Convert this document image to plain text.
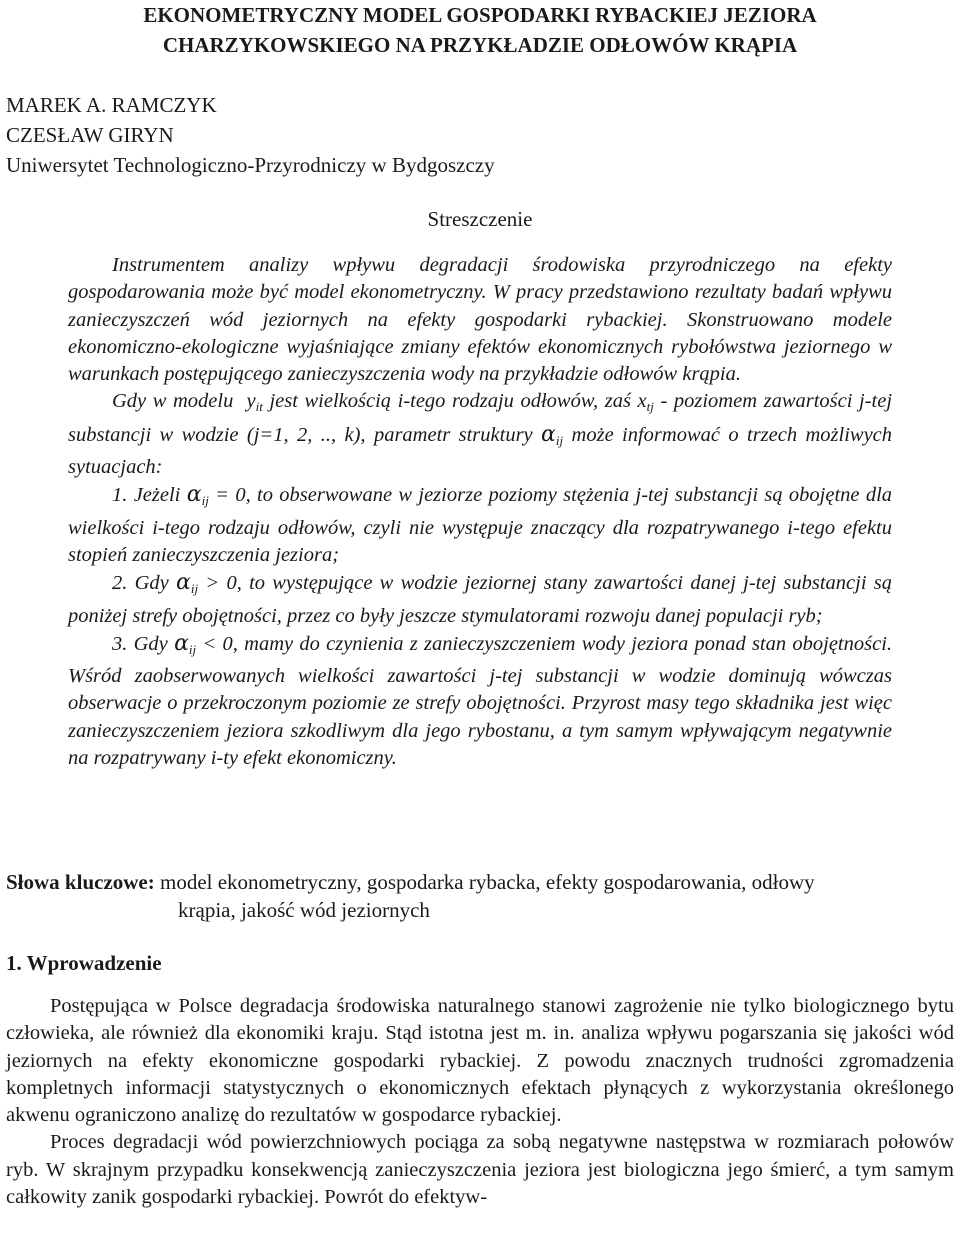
EKONOMETRYCZNY MODEL GOSPODARKI RYBACKIEJ JEZIORA
CHARZYKOWSKIEGO NA PRZYKŁADZIE ODŁOWÓW KRĄPIA
MAREK A. RAMCZYK
CZESŁAW GIRYN
Uniwersytet Technologiczno-Przyrodniczy w Bydgoszczy
Streszczenie

Instrumentem analizy wpływu degradacji środowiska przyrodniczego na efekty gospodarowania może być model ekonometryczny. W pracy przedstawiono rezultaty badań wpływu zanieczyszczeń wód jeziornych na efekty gospodarki rybackiej. Skonstruowano modele ekonomiczno-ekologiczne wyjaśniające zmiany efektów ekonomicznych rybołówstwa jeziornego w warunkach postępującego zanieczyszczenia wody na przykładzie odłowów krąpia.

Gdy w modelu $y_{it}$ jest wielkością i-tego rodzaju odłowów, zaś $x_{tj}$ - poziomem zawartości j-tej substancji w wodzie (j=1, 2, .., k), parametr struktury $\alpha_{ij}$ może informować o trzech możliwych sytuacjach:

1. Jeżeli $\alpha_{ij} = 0$, to obserwowane w jeziorze poziomy stężenia j-tej substancji są obojętne dla wielkości i-tego rodzaju odłowów, czyli nie występuje znaczący dla rozpatrywanego i-tego efektu stopień zanieczyszczenia jeziora;

2. Gdy $\alpha_{ij} > 0$, to występujące w wodzie jeziornej stany zawartości danej j-tej substancji są poniżej strefy obojętności, przez co były jeszcze stymulatorami rozwoju danej populacji ryb;

3. Gdy $\alpha_{ij} < 0$, mamy do czynienia z zanieczyszczeniem wody jeziora ponad stan obojętności. Wśród zaobserwowanych wielkości zawartości j-tej substancji w wodzie dominują wówczas obserwacje o przekroczonym poziomie ze strefy obojętności. Przyrost masy tego składnika jest więc zanieczyszczeniem jeziora szkodliwym dla jego rybostanu, a tym samym wpływającym negatywnie na rozpatrywany i-ty efekt ekonomiczny.

Słowa kluczowe: model ekonometryczny, gospodarka rybacka, efekty gospodarowania, odłowy
krąpia, jakość wód jeziornych
1. Wprowadzenie

Postępująca w Polsce degradacja środowiska naturalnego stanowi zagrożenie nie tylko biologicznego bytu człowieka, ale również dla ekonomiki kraju. Stąd istotna jest m. in. analiza wpływu pogarszania się jakości wód jeziornych na efekty ekonomiczne gospodarki rybackiej. Z powodu znacznych trudności zgromadzenia kompletnych informacji statystycznych o ekonomicznych efektach płynących z wykorzystania określonego akwenu ograniczono analizę do rezultatów w gospodarce rybackiej.

Proces degradacji wód powierzchniowych pociąga za sobą negatywne następstwa w rozmiarach połowów ryb. W skrajnym przypadku konsekwencją zanieczyszczenia jeziora jest biologiczna jego śmierć, a tym samym całkowity zanik gospodarki rybackiej. Powrót do efektyw-
